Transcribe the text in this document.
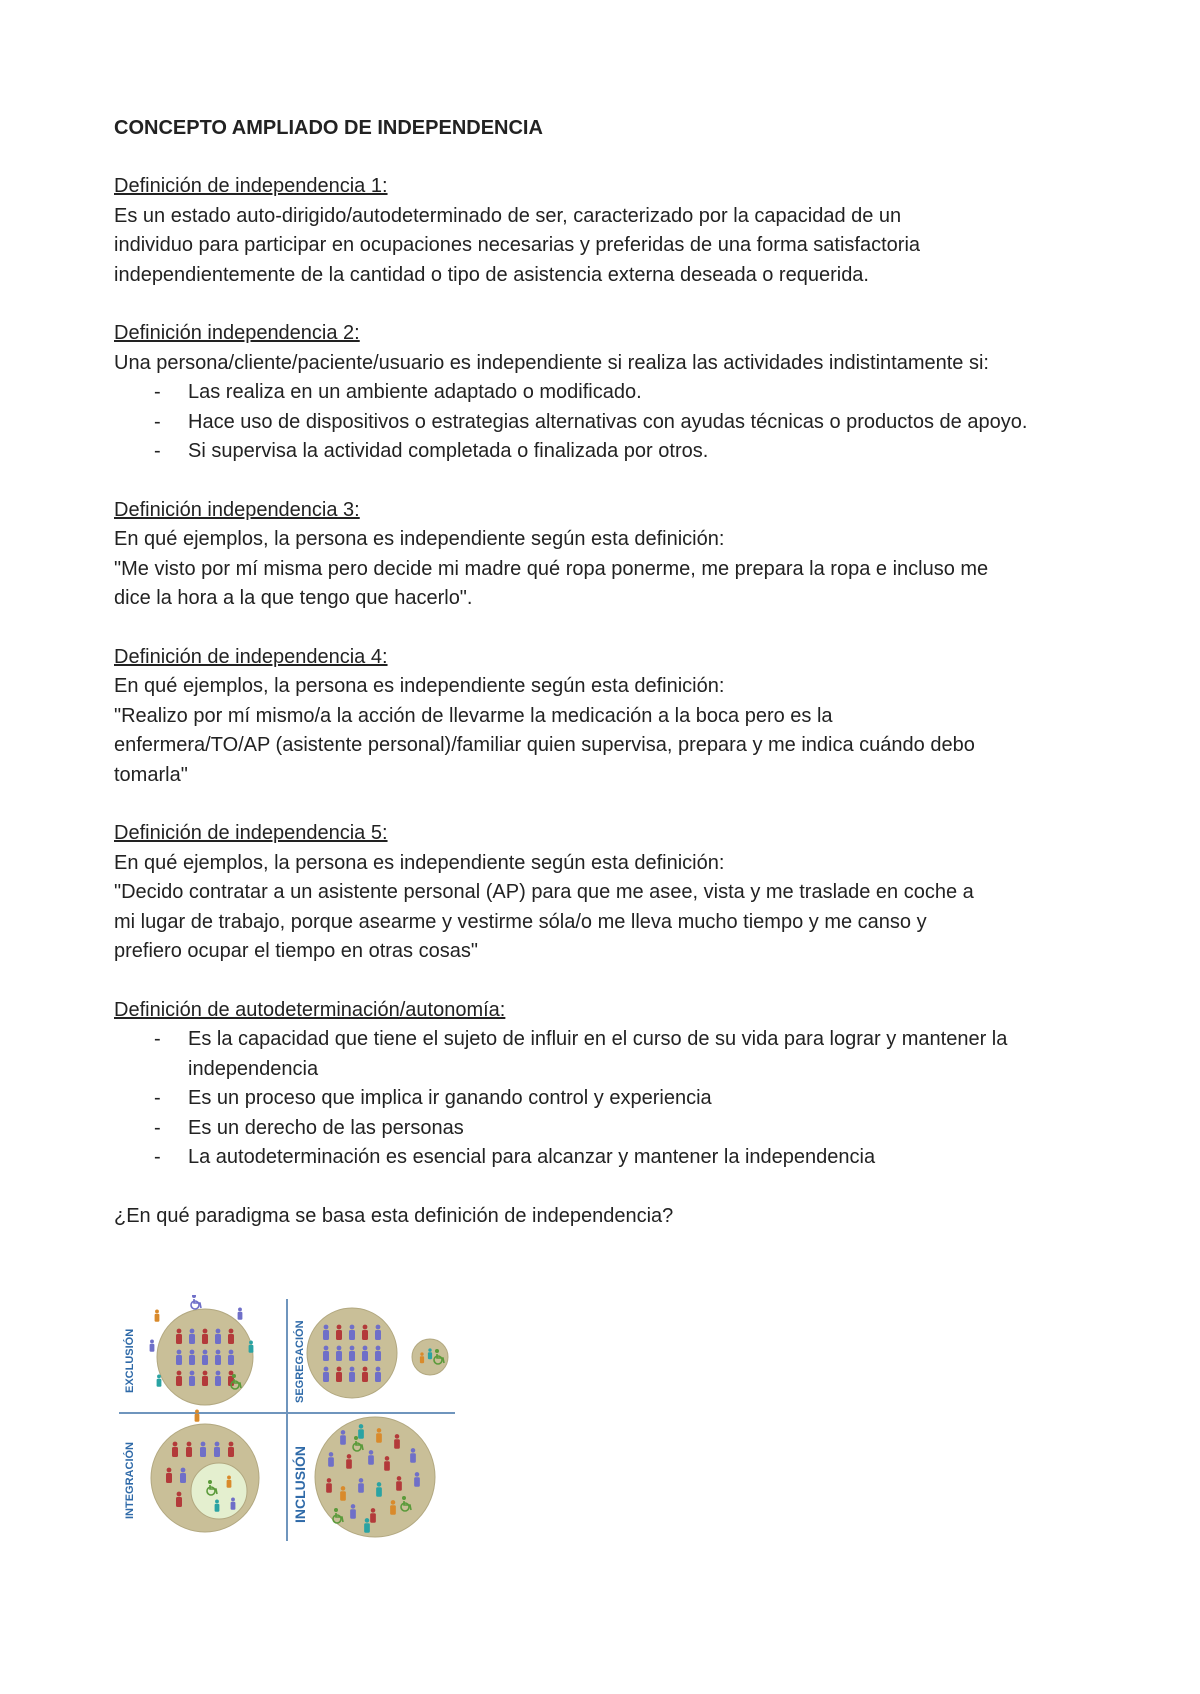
CONCEPTO AMPLIADO DE INDEPENDENCIA

Definición de independencia 1:

Es un estado auto-dirigido/autodeterminado de ser, caracterizado por la capacidad de un

individuo para participar en ocupaciones necesarias y preferidas de una forma satisfactoria

independientemente de la cantidad o tipo de asistencia externa deseada o requerida.

Definición independencia 2:

Una persona/cliente/paciente/usuario es independiente si realiza las actividades indistintamente si:

- Las realiza en un ambiente adaptado o modificado.
- Hace uso de dispositivos o estrategias alternativas con ayudas técnicas o productos de apoyo.
- Si supervisa la actividad completada o finalizada por otros.

Definición independencia 3:

En qué ejemplos, la persona es independiente según esta definición:

"Me visto por mí misma pero decide mi madre qué ropa ponerme, me prepara la ropa e incluso me

dice la hora a la que tengo que hacerlo".

Definición de independencia 4:

En qué ejemplos, la persona es independiente según esta definición:

"Realizo por mí mismo/a la acción de llevarme la medicación a la boca pero es la

enfermera/TO/AP (asistente personal)/familiar quien supervisa, prepara y me indica cuándo debo

tomarla"

Definición de independencia 5:

En qué ejemplos, la persona es independiente según esta definición:

"Decido contratar a un asistente personal (AP) para que me asee, vista y me traslade en coche a

mi lugar de trabajo, porque asearme y vestirme sóla/o me lleva mucho tiempo y me canso y

prefiero ocupar el tiempo en otras cosas"

Definición de autodeterminación/autonomía:

- Es la capacidad que tiene el sujeto de influir en el curso de su vida para lograr y mantener la independencia
- Es un proceso que implica ir ganando control y experiencia
- Es un derecho de las personas
- La autodeterminación es esencial para alcanzar y mantener la independencia

¿En qué paradigma se basa esta definición de independencia?

EXCLUSIÓN	SEGREGACIÓN
INTEGRACIÓN	INCLUSIÓN
